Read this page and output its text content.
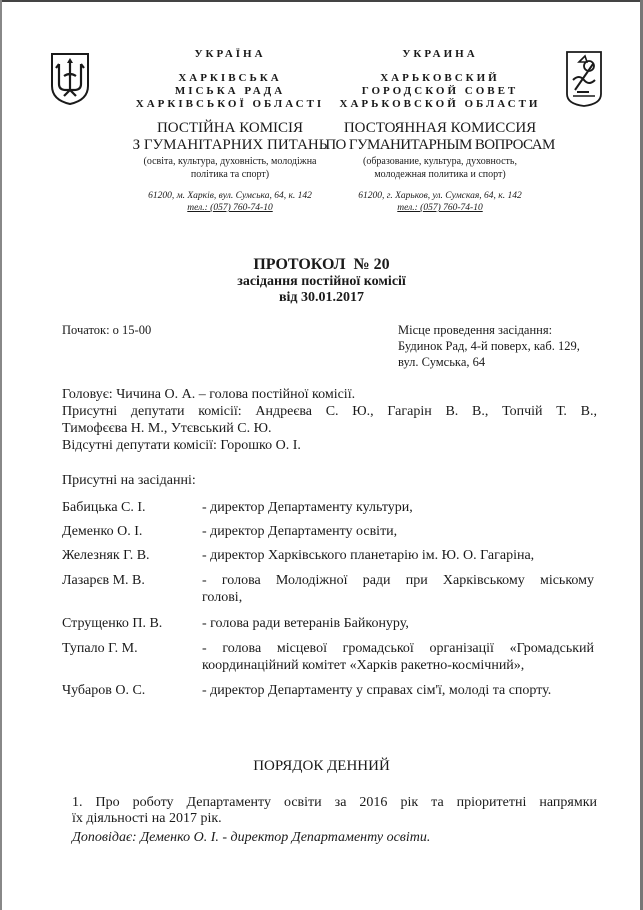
УКРАЇНА
ХАРКІВСЬКА
МІСЬКА РАДА
ХАРКІВСЬКОЇ ОБЛАСТІ
ПОСТІЙНА КОМІСІЯ
З ГУМАНІТАРНИХ ПИТАНЬ
(освіта, культура, духовність, молодіжна
політика та спорт)
61200, м. Харків, вул. Сумська, 64, к. 142
тел.: (057) 760-74-10
УКРАИНА
ХАРЬКОВСКИЙ
ГОРОДСКОЙ СОВЕТ
ХАРЬКОВСКОЙ ОБЛАСТИ
ПОСТОЯННАЯ КОМИССИЯ
ПО ГУМАНИТАРНЫМ ВОПРОСАМ
(образование, культура, духовность,
молодежная политика и спорт)
61200, г. Харьков, ул. Сумская, 64, к. 142
тел.: (057) 760-74-10
ПРОТОКОЛ  № 20
засідання постійної комісії
від 30.01.2017
Початок: о 15-00	Місце проведення засідання:
Будинок Рад, 4-й поверх, каб. 129,
вул. Сумська, 64
Головує: Чичина О. А. – голова постійної комісії.
Присутні депутати комісії: Андреєва С. Ю., Гагарін В. В., Топчій Т. В.,
Тимофєєва Н. М., Утєвський С. Ю.
Відсутні депутати комісії: Горошко О. І.
Присутні на засіданні:
Бабицька С. І.	- директор Департаменту культури,
Деменко О. І.	- директор Департаменту освіти,
Железняк Г. В.	- директор Харківського планетарію ім. Ю. О. Гагаріна,
Лазарєв М. В.	- голова Молодіжної ради при Харківському міському
голові,
Струщенко П. В.	- голова ради ветеранів Байконуру,
Тупало Г. М.	- голова місцевої громадської організації «Громадський
координаційний комітет «Харків ракетно-космічний»,
Чубаров О. С.	- директор Департаменту у справах сім'ї, молоді та спорту.
ПОРЯДОК ДЕННИЙ
1. Про роботу Департаменту освіти за 2016 рік та пріоритетні напрямки
їх діяльності на 2017 рік.
Доповідає: Деменко О. І. - директор Департаменту освіти.
